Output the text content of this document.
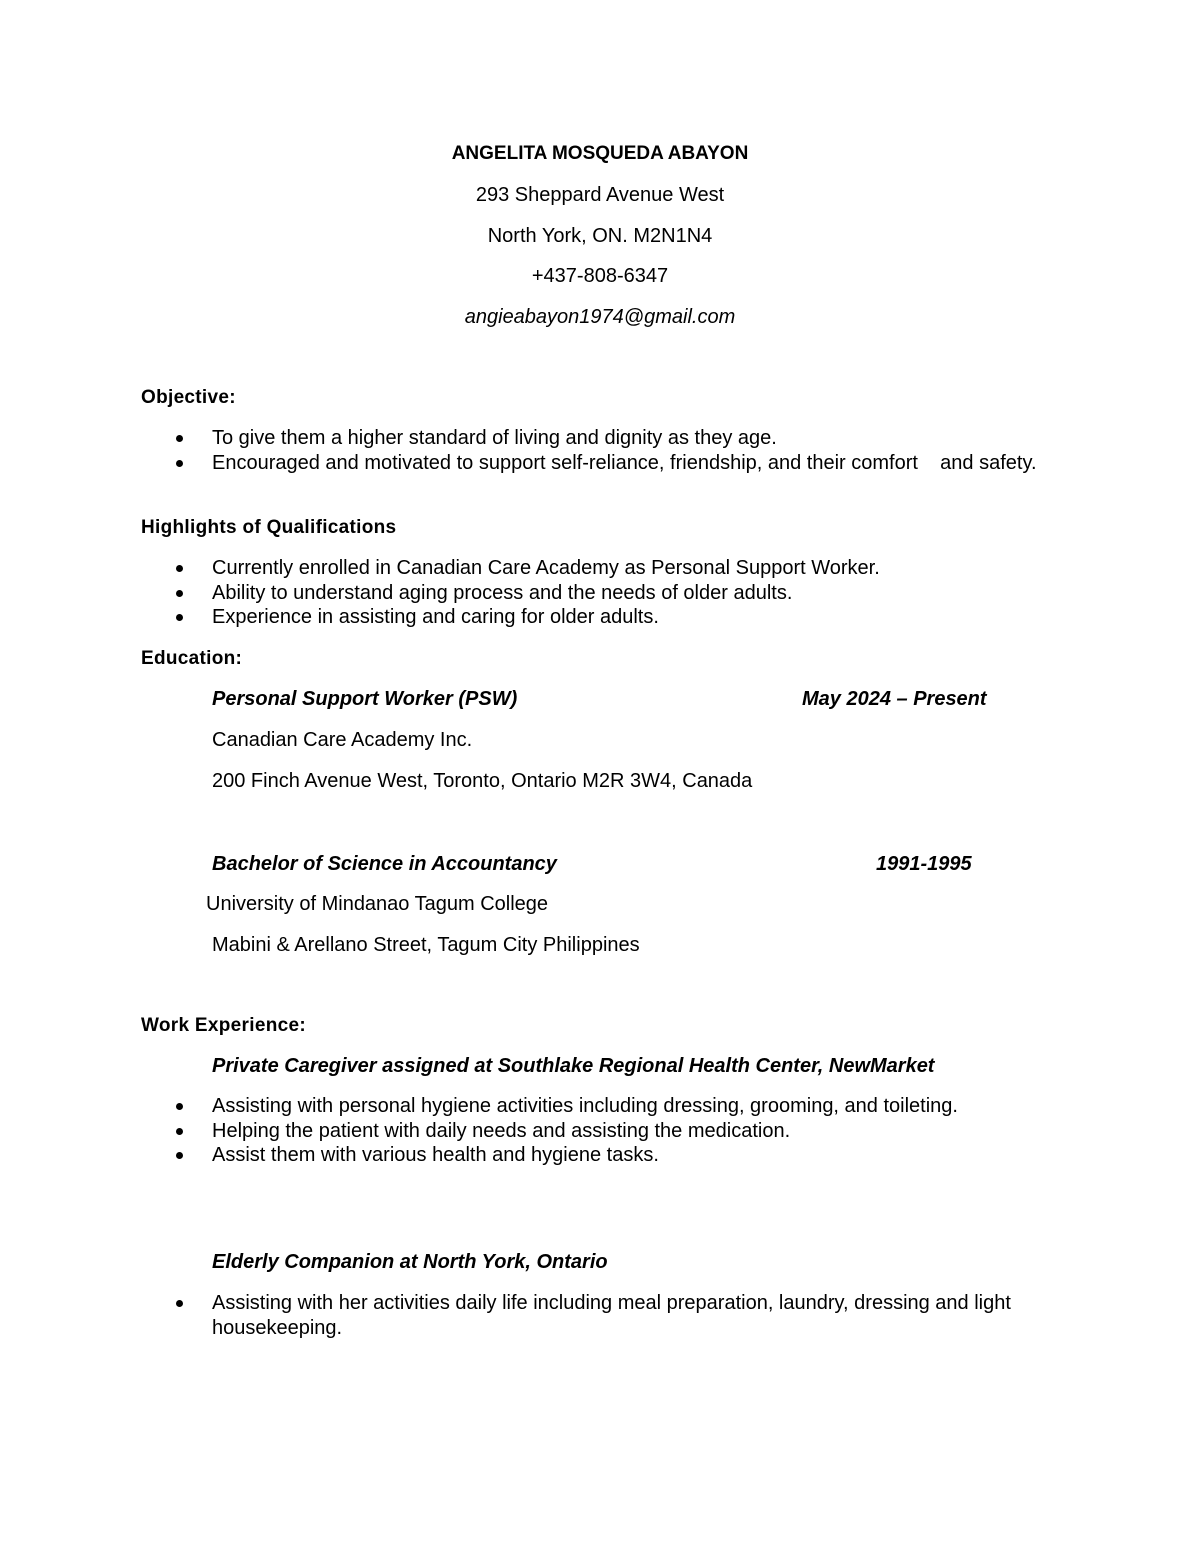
ANGELITA MOSQUEDA ABAYON
293 Sheppard Avenue West
North York, ON. M2N1N4
+437-808-6347
angieabayon1974@gmail.com
Objective:
To give them a higher standard of living and dignity as they age.
Encouraged and motivated to support self-reliance, friendship, and their comfort    and safety.
Highlights of Qualifications
Currently enrolled in Canadian Care Academy as Personal Support Worker.
Ability to understand aging process and the needs of older adults.
Experience in assisting and caring for older adults.
Education:
Personal Support Worker (PSW)	May 2024 – Present
Canadian Care Academy Inc.
200 Finch Avenue West, Toronto, Ontario M2R 3W4, Canada
Bachelor of Science in Accountancy	1991-1995
University of Mindanao Tagum College
Mabini & Arellano Street, Tagum City Philippines
Work Experience:
Private Caregiver assigned at Southlake Regional Health Center, NewMarket
Assisting with personal hygiene activities including dressing, grooming, and toileting.
Helping the patient with daily needs and assisting the medication.
Assist them with various health and hygiene tasks.
Elderly Companion at North York, Ontario
Assisting with her activities daily life including meal preparation, laundry, dressing and light housekeeping.
